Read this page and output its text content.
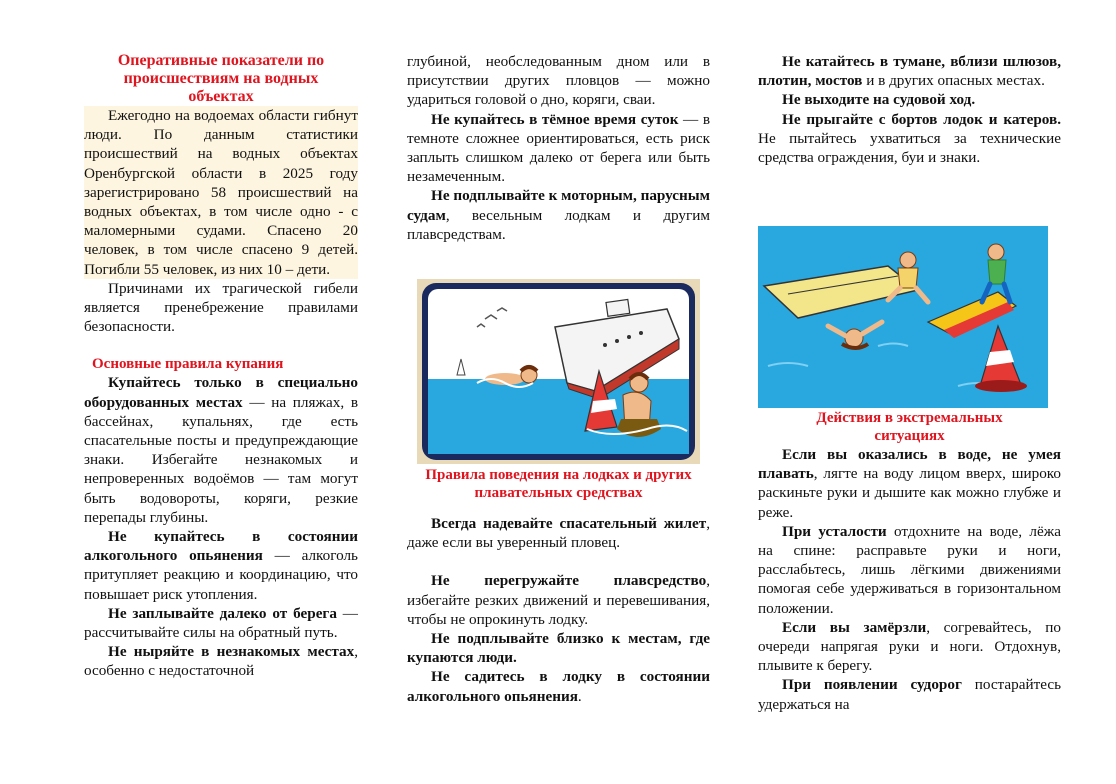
Оперативные показатели по происшествиям на водных объектах

Ежегодно на водоемах области гибнут люди. По данным статистики происшествий на водных объектах Оренбургской области в 2025 году зарегистрировано 58 происшествий на водных объектах, в том числе одно - с маломерными судами. Спасено 20 человек, в том числе спасено 9 детей. Погибли 55 человек, из них 10 – дети.

Причинами их трагической гибели является пренебрежение правилами безопасности.

Основные правила купания

Купайтесь только в специально оборудованных местах — на пляжах, в бассейнах, купальнях, где есть спасательные посты и предупреждающие знаки. Избегайте незнакомых и непроверенных водоёмов — там могут быть водовороты, коряги, резкие перепады глубины.

Не купайтесь в состоянии алкогольного опьянения — алкоголь притупляет реакцию и координацию, что повышает риск утопления.

Не заплывайте далеко от берега — рассчитывайте силы на обратный путь.

Не ныряйте в незнакомых местах, особенно с недостаточной

глубиной, необследованным дном или в присутствии других пловцов — можно удариться головой о дно, коряги, сваи.

Не купайтесь в тёмное время суток — в темноте сложнее ориентироваться, есть риск заплыть слишком далеко от берега или быть незамеченным.

Не подплывайте к моторным, парусным судам, весельным лодкам и другим плавсредствам.

Правила поведения на лодках и других плавательных средствах

Всегда надевайте спасательный жилет, даже если вы уверенный пловец.

Не перегружайте плавсредство, избегайте резких движений и перевешивания, чтобы не опрокинуть лодку.

Не подплывайте близко к местам, где купаются люди.

Не садитесь в лодку в состоянии алкогольного опьянения.

Не катайтесь в тумане, вблизи шлюзов, плотин, мостов и в других опасных местах.

Не выходите на судовой ход.

Не прыгайте с бортов лодок и катеров. Не пытайтесь ухватиться за технические средства ограждения, буи и знаки.

Действия в экстремальных ситуациях

Если вы оказались в воде, не умея плавать, лягте на воду лицом вверх, широко раскиньте руки и дышите как можно глубже и реже.

При усталости отдохните на воде, лёжа на спине: расправьте руки и ноги, расслабьтесь, лишь лёгкими движениями помогая себе удерживаться в горизонтальном положении.

Если вы замёрзли, согревайтесь, по очереди напрягая руки и ноги. Отдохнув, плывите к берегу.

При появлении судорог постарайтесь удержаться на
